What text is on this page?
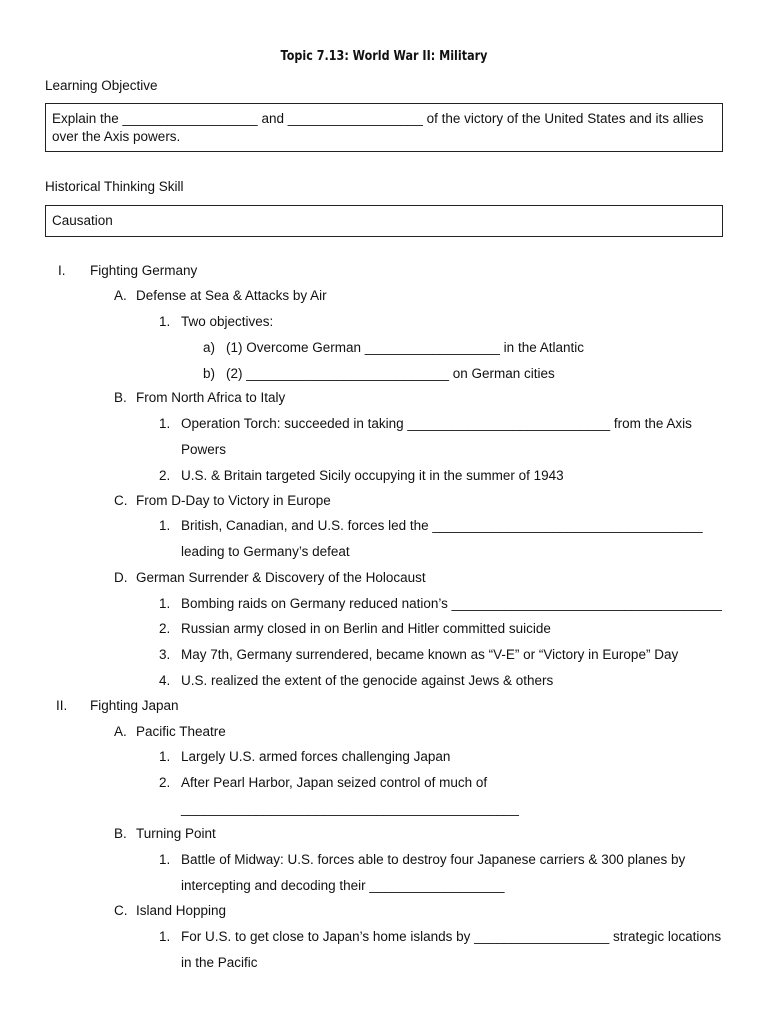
Topic 7.13: World War II: Military
Learning Objective
Explain the __________________ and __________________ of the victory of the United States and its allies
over the Axis powers.
Historical Thinking Skill
Causation
I. Fighting Germany
A. Defense at Sea & Attacks by Air
1. Two objectives:
a) (1) Overcome German __________________ in the Atlantic
b) (2) ___________________________ on German cities
B. From North Africa to Italy
1. Operation Torch: succeeded in taking ___________________________ from the Axis
Powers
2. U.S. & Britain targeted Sicily occupying it in the summer of 1943
C. From D-Day to Victory in Europe
1. British, Canadian, and U.S. forces led the ____________________________________
leading to Germany’s defeat
D. German Surrender & Discovery of the Holocaust
1. Bombing raids on Germany reduced nation’s ____________________________________
2. Russian army closed in on Berlin and Hitler committed suicide
3. May 7th, Germany surrendered, became known as “V-E” or “Victory in Europe” Day
4. U.S. realized the extent of the genocide against Jews & others
II. Fighting Japan
A. Pacific Theatre
1. Largely U.S. armed forces challenging Japan
2. After Pearl Harbor, Japan seized control of much of
_____________________________________________
B. Turning Point
1. Battle of Midway: U.S. forces able to destroy four Japanese carriers & 300 planes by
intercepting and decoding their __________________
C. Island Hopping
1. For U.S. to get close to Japan’s home islands by __________________ strategic locations
in the Pacific
